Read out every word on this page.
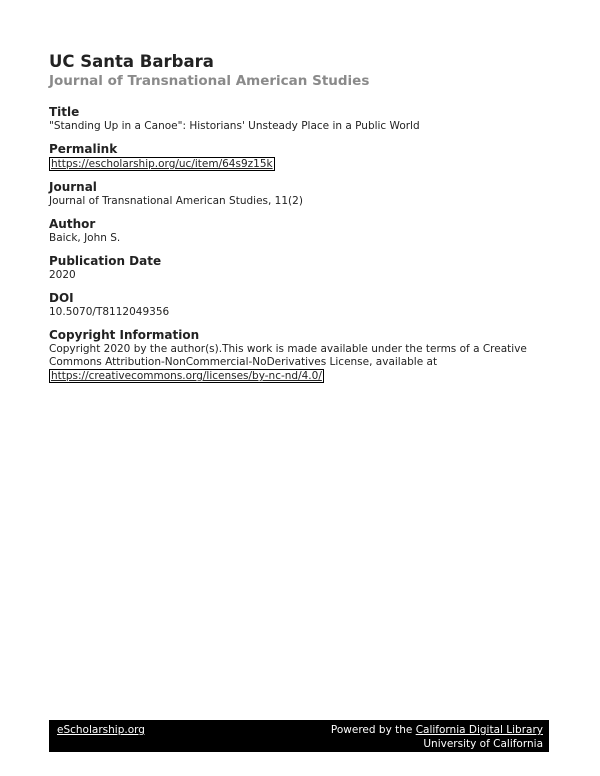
UC Santa Barbara
Journal of Transnational American Studies
Title
"Standing Up in a Canoe": Historians' Unsteady Place in a Public World
Permalink
https://escholarship.org/uc/item/64s9z15k
Journal
Journal of Transnational American Studies, 11(2)
Author
Baick, John S.
Publication Date
2020
DOI
10.5070/T8112049356
Copyright Information
Copyright 2020 by the author(s).This work is made available under the terms of a Creative
Commons Attribution-NonCommercial-NoDerivatives License, available at
https://creativecommons.org/licenses/by-nc-nd/4.0/
eScholarship.org	Powered by the California Digital Library
University of California
